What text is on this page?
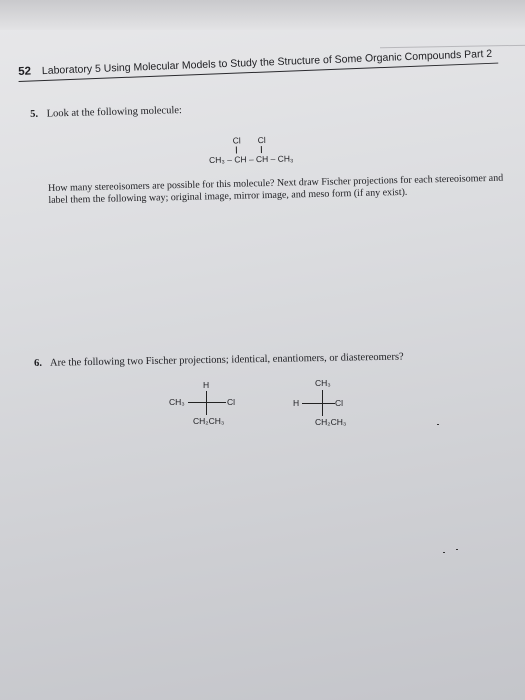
52 Laboratory 5 Using Molecular Models to Study the Structure of Some Organic Compounds Part 2
5. Look at the following molecule:
Cl Cl
CH₃ – CH – CH – CH₃
How many stereoisomers are possible for this molecule? Next draw Fischer projections for each stereoisomer and label them the following way; original image, mirror image, and meso form (if any exist).
6. Are the following two Fischer projections; identical, enantiomers, or diastereomers?
H
CH₃	Cl
CH₂CH₃
CH₃
H	Cl
CH₂CH₃
